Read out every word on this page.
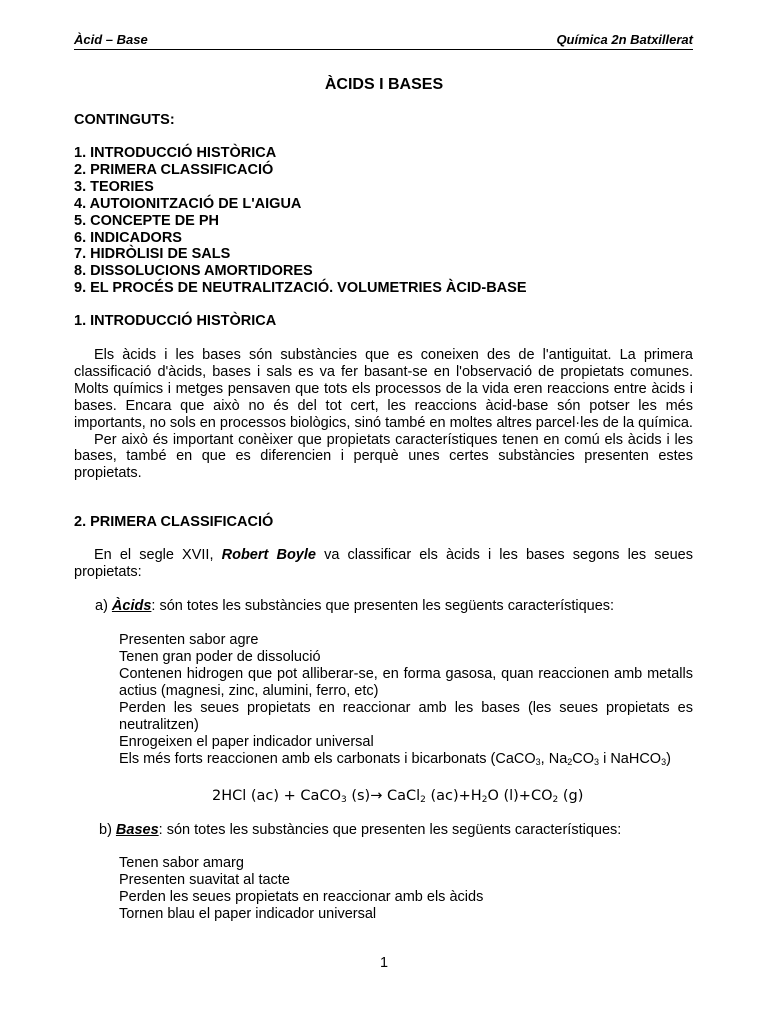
Àcid – Base	Química 2n Batxillerat
ÀCIDS I BASES
CONTINGUTS:
1. INTRODUCCIÓ HISTÒRICA
2. PRIMERA CLASSIFICACIÓ
3. TEORIES
4. AUTOIONITZACIÓ DE L'AIGUA
5. CONCEPTE DE PH
6. INDICADORS
7. HIDRÒLISI DE SALS
8. DISSOLUCIONS AMORTIDORES
9. EL PROCÉS DE NEUTRALITZACIÓ. VOLUMETRIES ÀCID-BASE
1. INTRODUCCIÓ HISTÒRICA
Els àcids i les bases són substàncies que es coneixen des de l'antiguitat. La primera classificació d'àcids, bases i sals es va fer basant-se en l'observació de propietats comunes. Molts químics i metges pensaven que tots els processos de la vida eren reaccions entre àcids i bases. Encara que això no és del tot cert, les reaccions àcid-base són potser les més importants, no sols en processos biològics, sinó també en moltes altres parcel·les de la química.
Per això és important conèixer que propietats característiques tenen en comú els àcids i les bases, també en que es diferencien i perquè unes certes substàncies presenten estes propietats.
2. PRIMERA CLASSIFICACIÓ
En el segle XVII, Robert Boyle va classificar els àcids i les bases segons les seues propietats:
a) Àcids: són totes les substàncies que presenten les següents característiques:
Presenten sabor agre
Tenen gran poder de dissolució
Contenen hidrogen que pot alliberar-se, en forma gasosa, quan reaccionen amb metalls actius (magnesi, zinc, alumini, ferro, etc)
Perden les seues propietats en reaccionar amb les bases (les seues propietats es neutralitzen)
Enrogeixen el paper indicador universal
Els més forts reaccionen amb els carbonats i bicarbonats (CaCO$_3$, $Na_2CO_3$ i NaHCO$_3$)
2HCl (ac) + CaCO$_3$ (s)→ CaCl$_2$ $(ac)+H_2O$ $(l)+CO_2$ (g)
b) Bases: són totes les substàncies que presenten les següents característiques:
Tenen sabor amarg
Presenten suavitat al tacte
Perden les seues propietats en reaccionar amb els àcids
Tornen blau el paper indicador universal
1
